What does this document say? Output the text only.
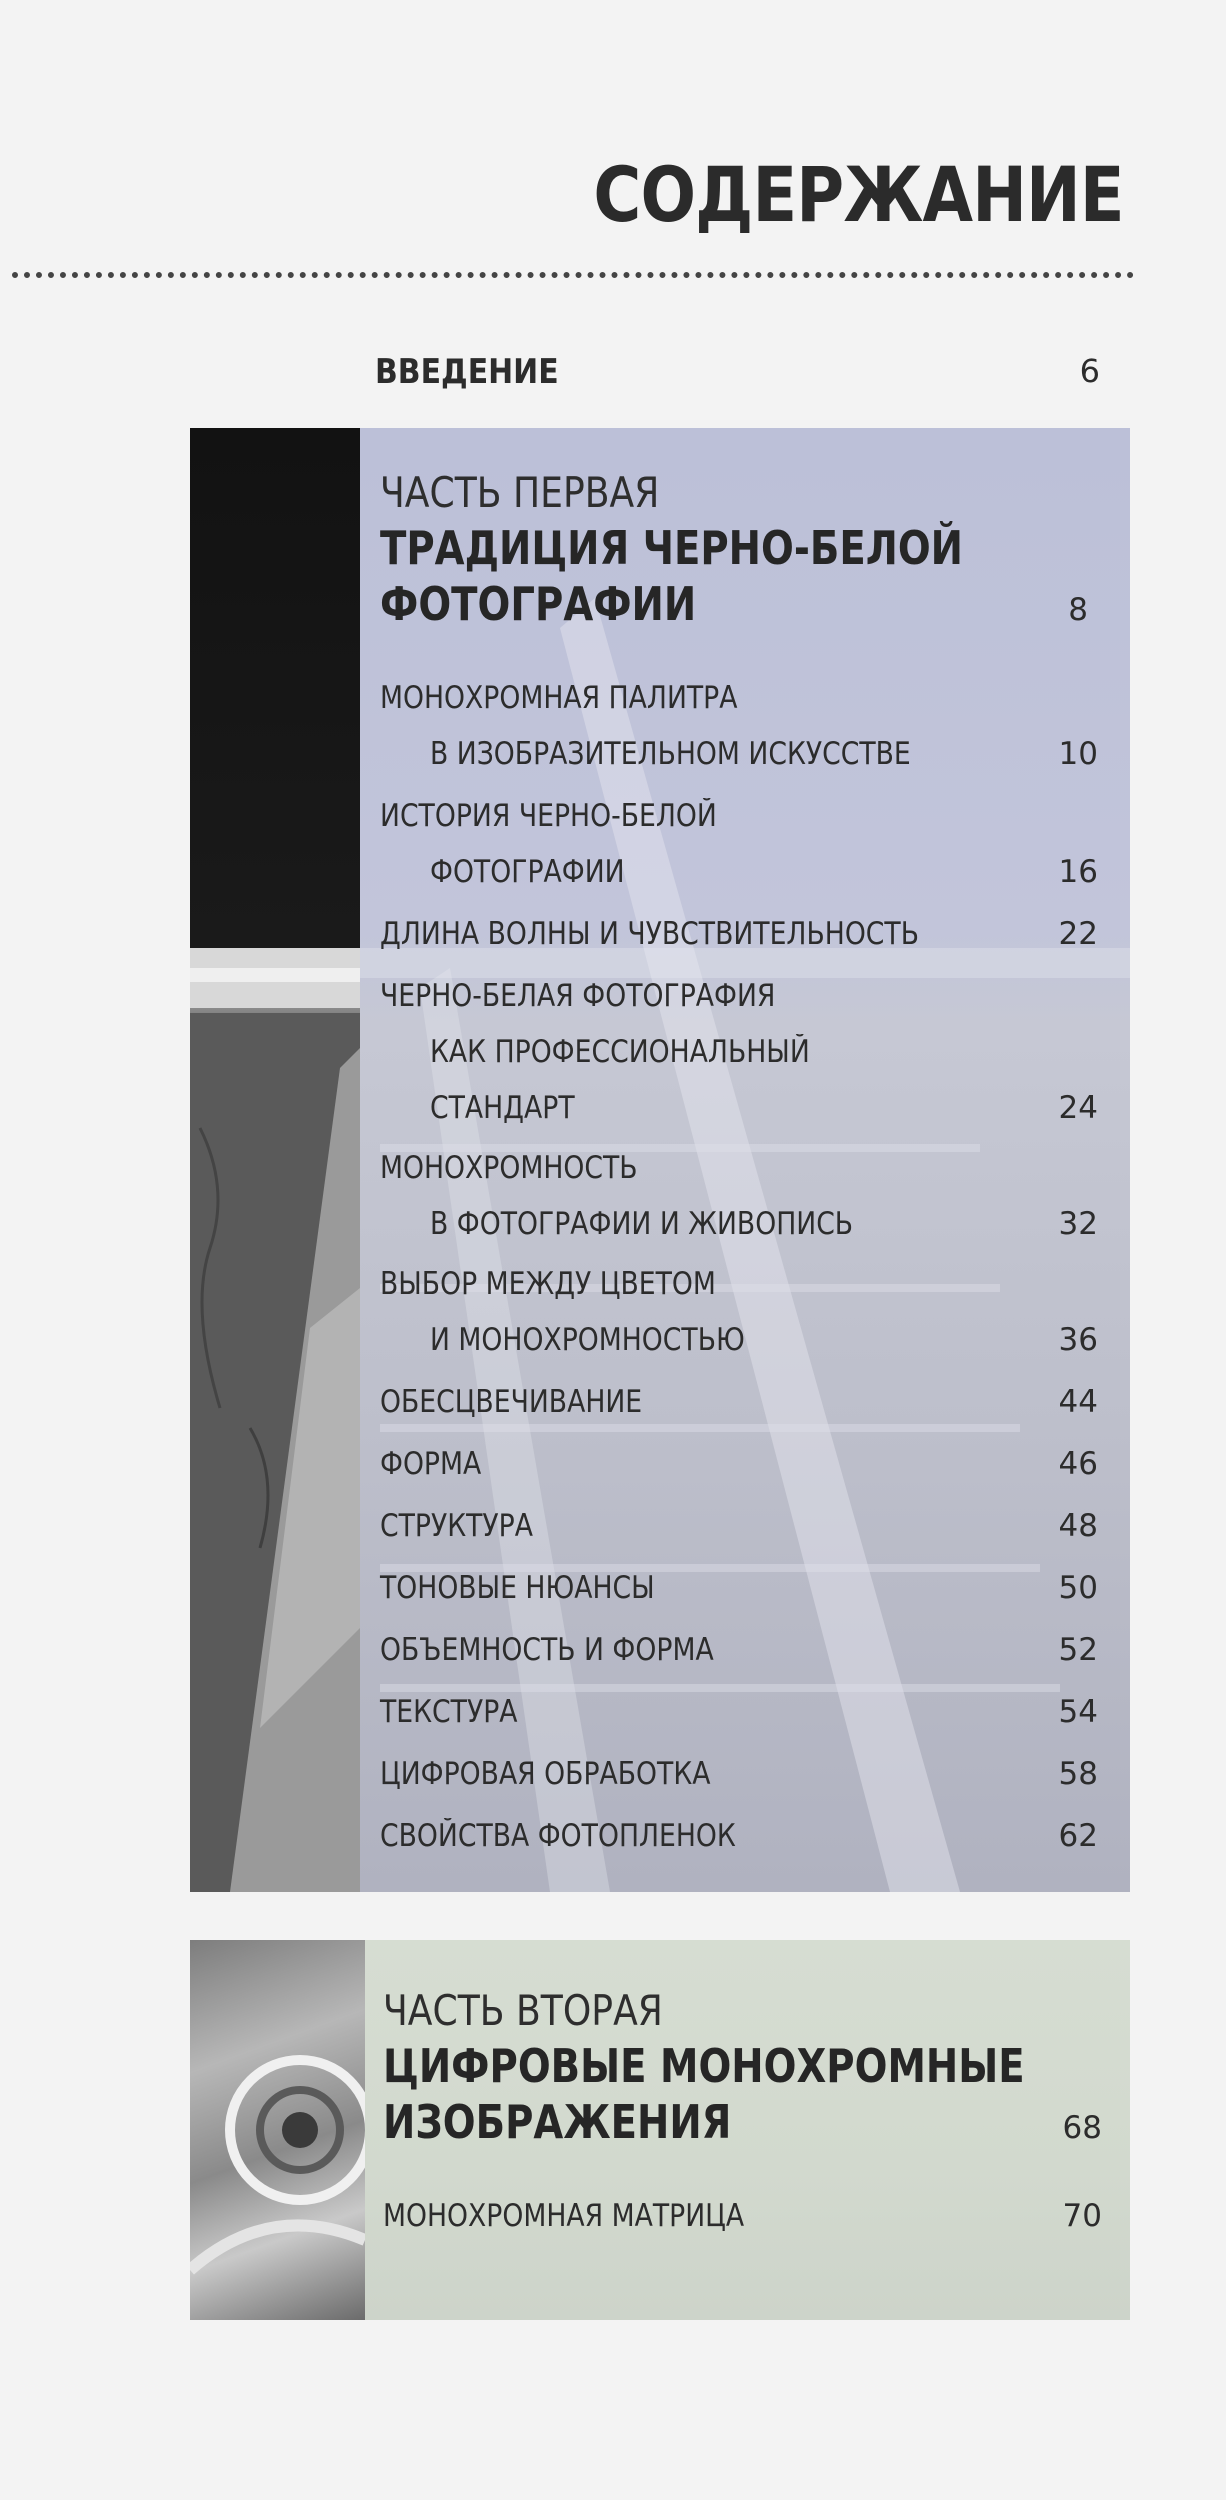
СОДЕРЖАНИЕ
ВВЕДЕНИЕ	6
ЧАСТЬ ПЕРВАЯ
ТРАДИЦИЯ ЧЕРНО-БЕЛОЙ
ФОТОГРАФИИ	8
МОНОХРОМНАЯ ПАЛИТРА
В ИЗОБРАЗИТЕЛЬНОМ ИСКУССТВЕ	10
ИСТОРИЯ ЧЕРНО-БЕЛОЙ
ФОТОГРАФИИ	16
ДЛИНА ВОЛНЫ И ЧУВСТВИТЕЛЬНОСТЬ	22
ЧЕРНО-БЕЛАЯ ФОТОГРАФИЯ
КАК ПРОФЕССИОНАЛЬНЫЙ
СТАНДАРТ	24
МОНОХРОМНОСТЬ
В ФОТОГРАФИИ И ЖИВОПИСЬ	32
ВЫБОР МЕЖДУ ЦВЕТОМ
И МОНОХРОМНОСТЬЮ	36
ОБЕСЦВЕЧИВАНИЕ	44
ФОРМА	46
СТРУКТУРА	48
ТОНОВЫЕ НЮАНСЫ	50
ОБЪЕМНОСТЬ И ФОРМА	52
ТЕКСТУРА	54
ЦИФРОВАЯ ОБРАБОТКА	58
СВОЙСТВА ФОТОПЛЕНОК	62
ЧАСТЬ ВТОРАЯ
ЦИФРОВЫЕ МОНОХРОМНЫЕ
ИЗОБРАЖЕНИЯ	68
МОНОХРОМНАЯ МАТРИЦА	70
